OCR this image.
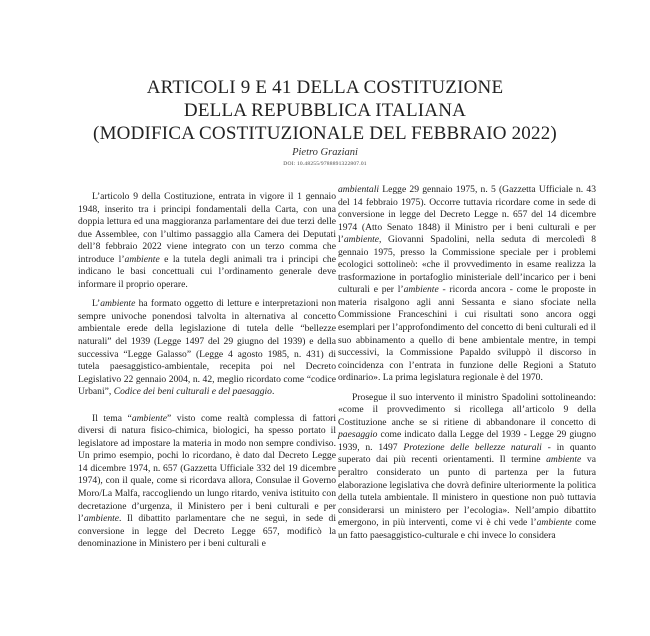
ARTICOLI 9 E 41 DELLA COSTITUZIONE
DELLA REPUBBLICA ITALIANA
(MODIFICA COSTITUZIONALE DEL FEBBRAIO 2022)
Pietro Graziani
DOI: 10.48255/9788891322807.01

L’articolo 9 della Costituzione, entrata in vigore il 1 gennaio 1948, inserito tra i principi fondamentali della Carta, con una doppia lettura ed una maggioranza parlamentare dei due terzi delle due Assemblee, con l’ultimo passaggio alla Camera dei Deputati dell’8 febbraio 2022 viene integrato con un terzo comma che introduce l’ambiente e la tutela degli animali tra i principi che indicano le basi concettuali cui l’ordinamento generale deve informare il proprio operare.

L’ambiente ha formato oggetto di letture e interpretazioni non sempre univoche ponendosi talvolta in alternativa al concetto ambientale erede della legislazione di tutela delle “bellezze naturali” del 1939 (Legge 1497 del 29 giugno del 1939) e della successiva “Legge Galasso” (Legge 4 agosto 1985, n. 431) di tutela paesaggistico-ambientale, recepita poi nel Decreto Legislativo 22 gennaio 2004, n. 42, meglio ricordato come “codice Urbani”, Codice dei beni culturali e del paesaggio.

Il tema “ambiente” visto come realtà complessa di fattori diversi di natura fisico-chimica, biologici, ha spesso portato il legislatore ad impostare la materia in modo non sempre condiviso. Un primo esempio, pochi lo ricordano, è dato dal Decreto Legge 14 dicembre 1974, n. 657 (Gazzetta Ufficiale 332 del 19 dicembre 1974), con il quale, come si ricordava allora, Consulae il Governo Moro/La Malfa, raccogliendo un lungo ritardo, veniva istituito con decretazione d’urgenza, il Ministero per i beni culturali e per l’ambiente. Il dibattito parlamentare che ne seguì, in sede di conversione in legge del Decreto Legge 657, modificò la denominazione in Ministero per i beni culturali e

ambientali Legge 29 gennaio 1975, n. 5 (Gazzetta Ufficiale n. 43 del 14 febbraio 1975). Occorre tuttavia ricordare come in sede di conversione in legge del Decreto Legge n. 657 del 14 dicembre 1974 (Atto Senato 1848) il Ministro per i beni culturali e per l’ambiente, Giovanni Spadolini, nella seduta di mercoledì 8 gennaio 1975, presso la Commissione speciale per i problemi ecologici sottolineò: «che il provvedimento in esame realizza la trasformazione in portafoglio ministeriale dell’incarico per i beni culturali e per l’ambiente - ricorda ancora - come le proposte in materia risalgono agli anni Sessanta e siano sfociate nella Commissione Franceschini i cui risultati sono ancora oggi esemplari per l’approfondimento del concetto di beni culturali ed il suo abbinamento a quello di bene ambientale mentre, in tempi successivi, la Commissione Papaldo sviluppò il discorso in coincidenza con l’entrata in funzione delle Regioni a Statuto ordinario». La prima legislatura regionale è del 1970.

Prosegue il suo intervento il ministro Spadolini sottolineando: «come il provvedimento si ricollega all’articolo 9 della Costituzione anche se si ritiene di abbandonare il concetto di paesaggio come indicato dalla Legge del 1939 - Legge 29 giugno 1939, n. 1497 Protezione delle bellezze naturali - in quanto superato dai più recenti orientamenti. Il termine ambiente va peraltro considerato un punto di partenza per la futura elaborazione legislativa che dovrà definire ulteriormente la politica della tutela ambientale. Il ministero in questione non può tuttavia considerarsi un ministero per l’ecologia». Nell’ampio dibattito emergono, in più interventi, come vi è chi vede l’ambiente come un fatto paesaggistico-culturale e chi invece lo considera
